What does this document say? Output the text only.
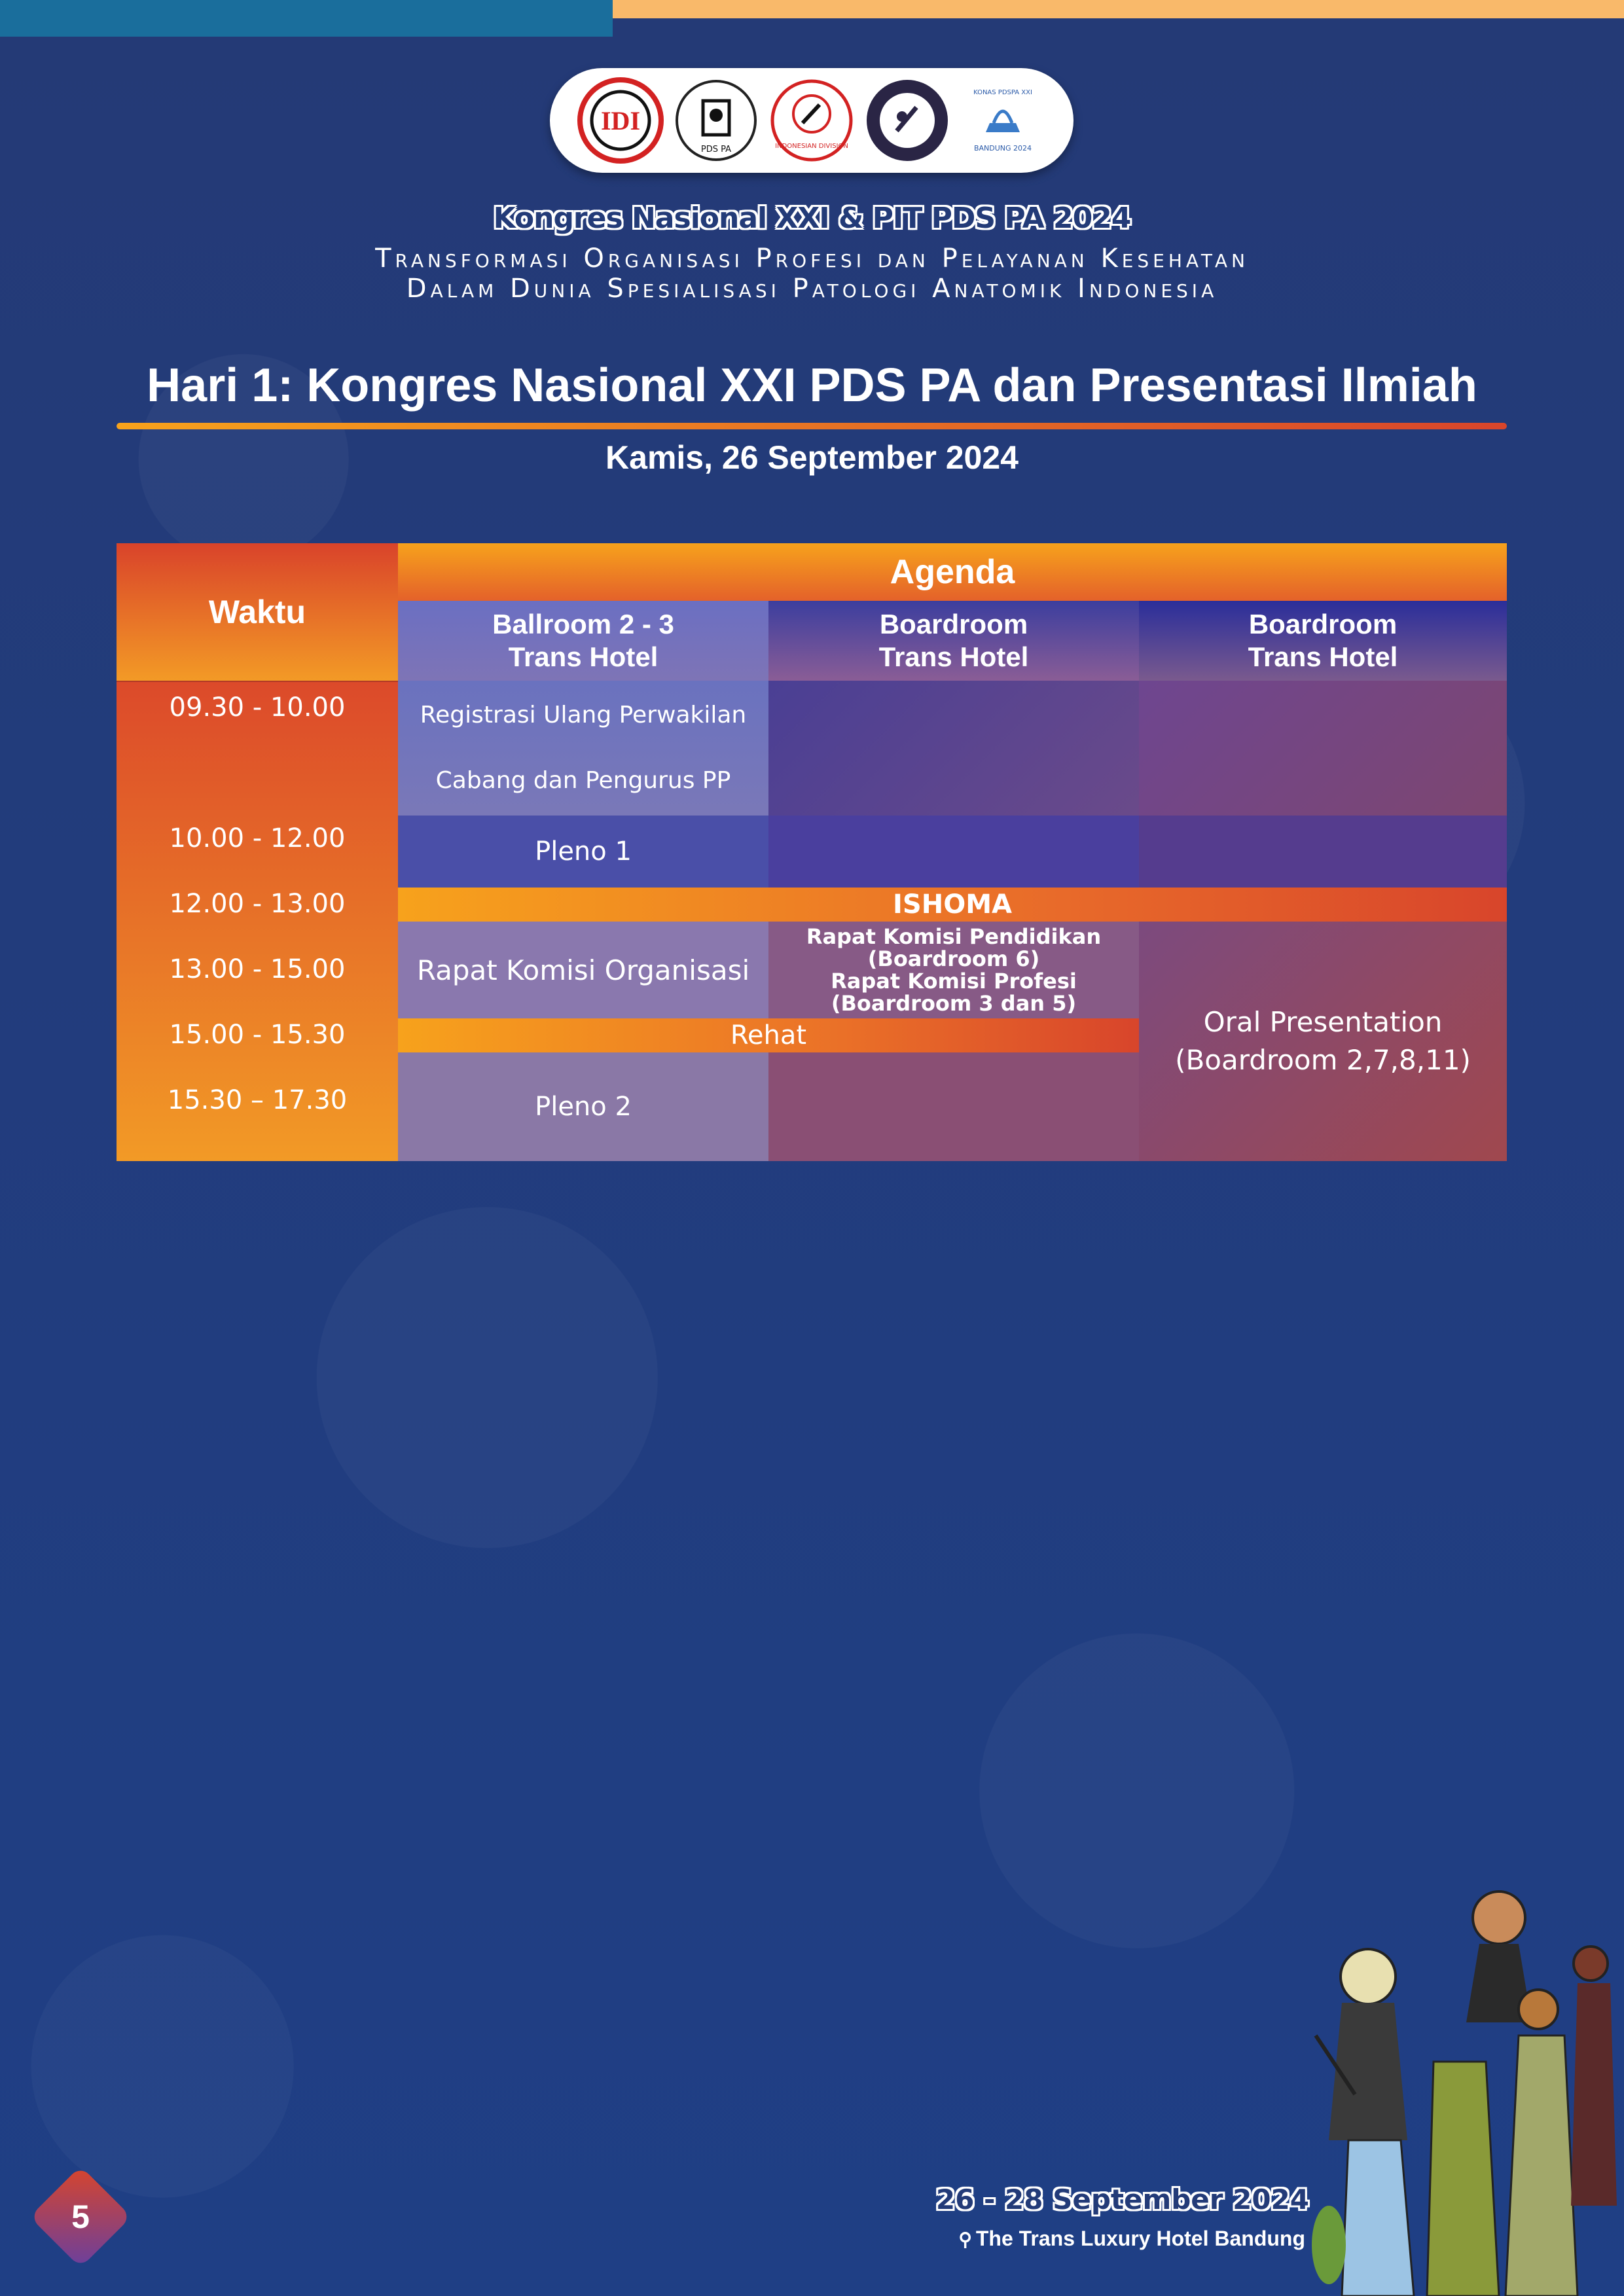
IDI
PDS PA	INDONESIAN DIVISION
KONAS PDSPA XXI
BANDUNG 2024
Kongres Nasional XXI & PIT PDS PA 2024
Transformasi Organisasi Profesi dan Pelayanan Kesehatan
Dalam Dunia Spesialisasi Patologi Anatomik Indonesia
Hari 1: Kongres Nasional XXI PDS PA dan Presentasi Ilmiah
Kamis, 26 September 2024
Waktu
Agenda
Ballroom 2 - 3
Trans Hotel
Boardroom
Trans Hotel
Boardroom
Trans Hotel
09.30 - 10.00
10.00 - 12.00
12.00 - 13.00
13.00 - 15.00
15.00 - 15.30
15.30 – 17.30
Registrasi Ulang Perwakilan
Cabang dan Pengurus PP
Pleno 1
ISHOMA
Rapat Komisi Organisasi
Rapat Komisi Pendidikan
(Boardroom 6)
Rapat Komisi Profesi
(Boardroom 3 dan 5)
Oral Presentation
(Boardroom 2,7,8,11)
Rehat
Pleno 2
26 - 28 September 2024
⚲ The Trans Luxury Hotel Bandung
5
